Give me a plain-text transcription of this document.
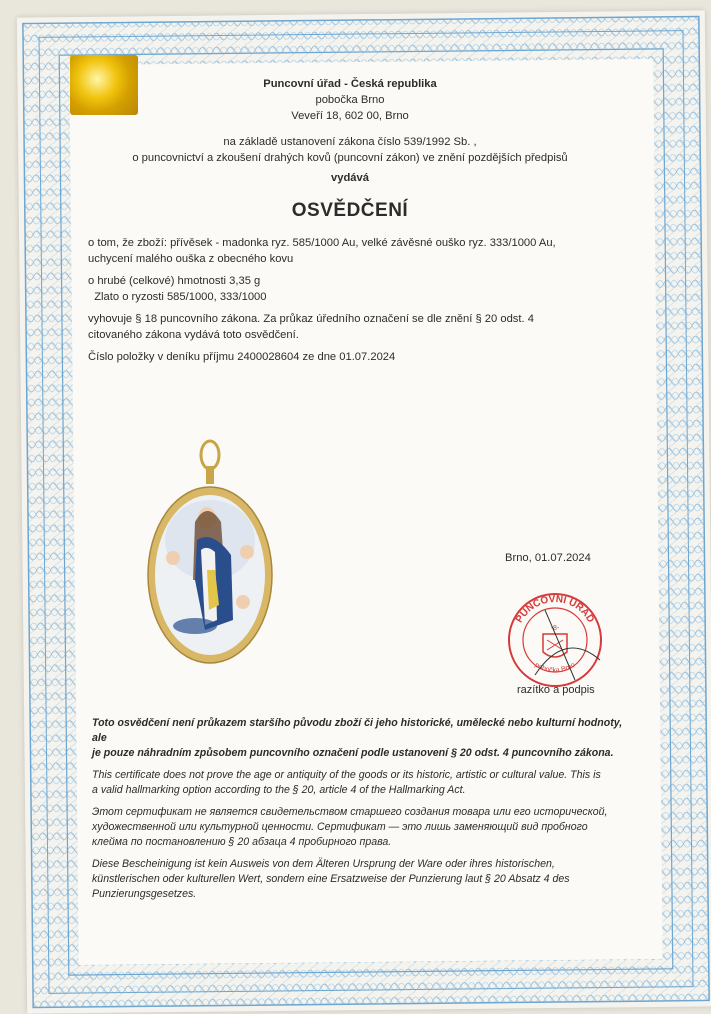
Puncovní úřad - Česká republika
pobočka Brno
Veveří 18, 602 00, Brno
na základě ustanovení zákona číslo 539/1992 Sb. ,
o puncovnictví a zkoušení drahých kovů (puncovní zákon) ve znění pozdějších předpisů
vydává
OSVĚDČENÍ

o tom, že zboží: přívěsek - madonka ryz. 585/1000 Au, velké závěsné ouško ryz. 333/1000 Au,
uchycení malého ouška z obecného kovu

o hrubé (celkové) hmotnosti 3,35 g
Zlato o ryzosti 585/1000, 333/1000

vyhovuje § 18 puncovního zákona. Za průkaz úředního označení se dle znění § 20 odst. 4
citovaného zákona vydává toto osvědčení.

Číslo položky v deníku příjmu 2400028604 ze dne 01.07.2024

Brno, 01.07.2024
PUNCOVNÍ ÚŘAD
pobočka Brno
-8-
razítko a podpis

Toto osvědčení není průkazem staršího původu zboží či jeho historické, umělecké nebo kulturní hodnoty, ale
je pouze náhradním způsobem puncovního označení podle ustanovení § 20 odst. 4 puncovního zákona.

This certificate does not prove the age or antiquity of the goods or its historic, artistic or cultural value. This is
a valid hallmarking option according to the § 20, article 4 of the Hallmarking Act.

Этот сертификат не является свидетельством старшего создания товара или его исторической,
художественной или культурной ценности. Сертификат — это лишь заменяющий вид пробного
клейма по постановлению § 20 абзаца 4 пробирного права.

Diese Bescheinigung ist kein Ausweis von dem Älteren Ursprung der Ware oder ihres historischen,
künstlerischen oder kulturellen Wert, sondern eine Ersatzweise der Punzierung laut § 20 Absatz 4 des
Punzierungsgesetzes.
